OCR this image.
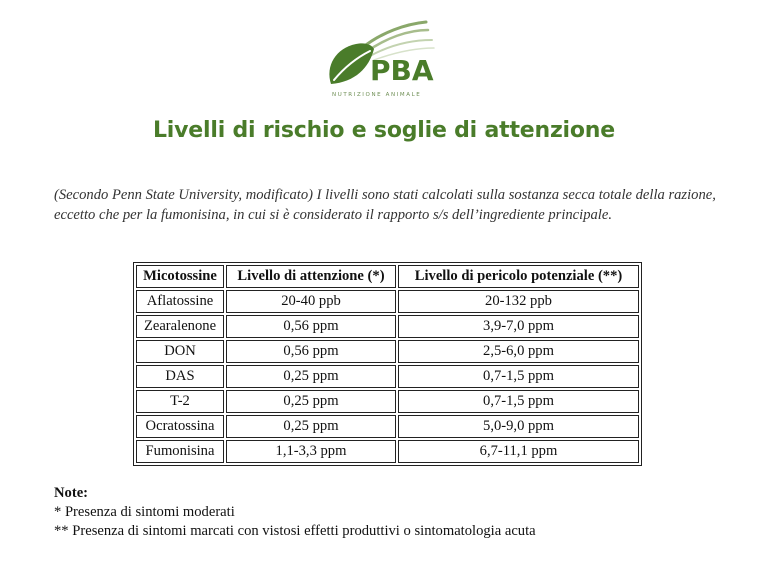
PBA
NUTRIZIONE ANIMALE
Livelli di rischio e soglie di attenzione
(Secondo Penn State University, modificato) I livelli sono stati calcolati sulla sostanza secca totale della razione, eccetto che per la fumonisina, in cui si è considerato il rapporto s/s dell’ingrediente principale.
Micotossine	Livello di attenzione (*)	Livello di pericolo potenziale (**)
Aflatossine	20-40 ppb	20-132 ppb
Zearalenone	0,56 ppm	3,9-7,0 ppm
DON	0,56 ppm	2,5-6,0 ppm
DAS	0,25 ppm	0,7-1,5 ppm
T-2	0,25 ppm	0,7-1,5 ppm
Ocratossina	0,25 ppm	5,0-9,0 ppm
Fumonisina	1,1-3,3 ppm	6,7-11,1 ppm
Note:
* Presenza di sintomi moderati
** Presenza di sintomi marcati con vistosi effetti produttivi o sintomatologia acuta
